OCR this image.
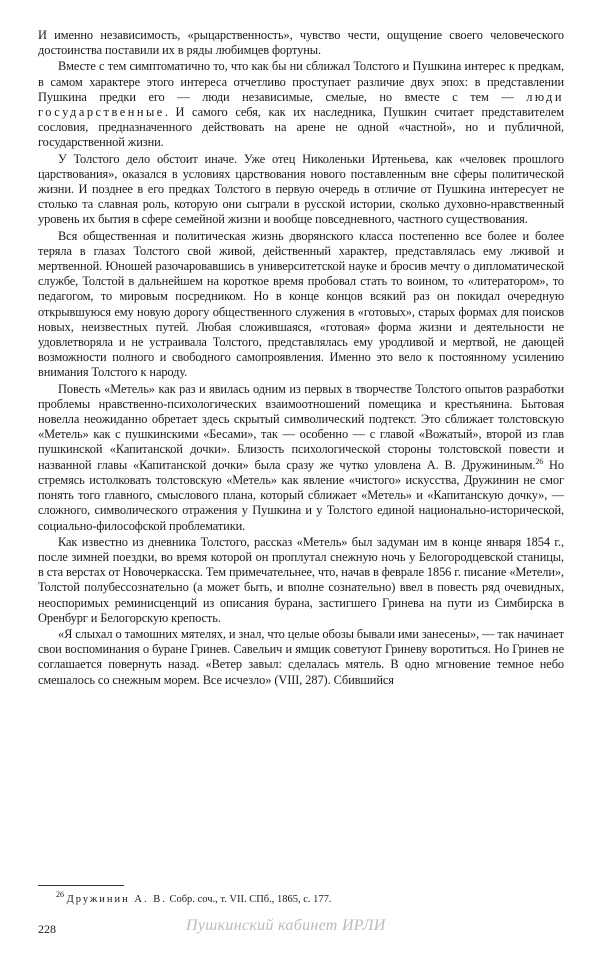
И именно независимость, «рыцарственность», чувство чести, ощущение своего человеческого достоинства поставили их в ряды любимцев фортуны.

Вместе с тем симптоматично то, что как бы ни сближал Толстого и Пушкина интерес к предкам, в самом характере этого интереса отчетливо проступает различие двух эпох: в представлении Пушкина предки его — люди независимые, смелые, но вместе с тем — люди государственные. И самого себя, как их наследника, Пушкин считает представителем сословия, предназначенного действовать на арене не одной «частной», но и публичной, государственной жизни.

У Толстого дело обстоит иначе. Уже отец Николеньки Иртеньева, как «человек прошлого царствования», оказался в условиях царствования нового поставленным вне сферы политической жизни. И позднее в его предках Толстого в первую очередь в отличие от Пушкина интересует не столько та славная роль, которую они сыграли в русской истории, сколько духовно-нравственный уровень их бытия в сфере семейной жизни и вообще повседневного, частного существования.

Вся общественная и политическая жизнь дворянского класса постепенно все более и более теряла в глазах Толстого свой живой, действенный характер, представлялась ему лживой и мертвенной. Юношей разочаровавшись в университетской науке и бросив мечту о дипломатической службе, Толстой в дальнейшем на короткое время пробовал стать то воином, то «литератором», то педагогом, то мировым посредником. Но в конце концов всякий раз он покидал очередную открывшуюся ему новую дорогу общественного служения в «готовых», старых формах для поисков новых, неизвестных путей. Любая сложившаяся, «готовая» форма жизни и деятельности не удовлетворяла и не устраивала Толстого, представлялась ему уродливой и мертвой, не дающей возможности полного и свободного самопроявления. Именно это вело к постоянному усилению внимания Толстого к народу.

Повесть «Метель» как раз и явилась одним из первых в творчестве Толстого опытов разработки проблемы нравственно-психологических взаимоотношений помещика и крестьянина. Бытовая новелла неожиданно обретает здесь скрытый символический подтекст. Это сближает толстовскую «Метель» как с пушкинскими «Бесами», так — особенно — с главой «Вожатый», второй из глав пушкинской «Капитанской дочки». Близость психологической стороны толстовской повести и названной главы «Капитанской дочки» была сразу же чутко уловлена А. В. Дружининым.$^{26}$ Но стремясь истолковать толстовскую «Метель» как явление «чистого» искусства, Дружинин не смог понять того главного, смыслового плана, который сближает «Метель» и «Капитанскую дочку», — сложного, символического отражения у Пушкина и у Толстого единой национально-исторической, социально-философской проблематики.

Как известно из дневника Толстого, рассказ «Метель» был задуман им в конце января 1854 г., после зимней поездки, во время которой он проплутал снежную ночь у Белогородцевской станицы, в ста верстах от Новочеркасска. Тем примечательнее, что, начав в феврале 1856 г. писание «Метели», Толстой полубессознательно (а может быть, и вполне сознательно) ввел в повесть ряд очевидных, неоспоримых реминисценций из описания бурана, застигшего Гринева на пути из Симбирска в Оренбург и Белогорскую крепость.

«Я слыхал о тамошних мятелях, и знал, что целые обозы бывали ими занесены», — так начинает свои воспоминания о буране Гринев. Савельич и ямщик советуют Гриневу воротиться. Но Гринев не соглашается повернуть назад. «Ветер завыл: сделалась мятель. В одно мгновение темное небо смешалось со снежным морем. Все исчезло» (VIII, 287). Сбившийся

$^{26}$ Дружинин А. В. Собр. соч., т. VII. СПб., 1865, с. 177.

228	Пушкинский кабинет ИРЛИ
